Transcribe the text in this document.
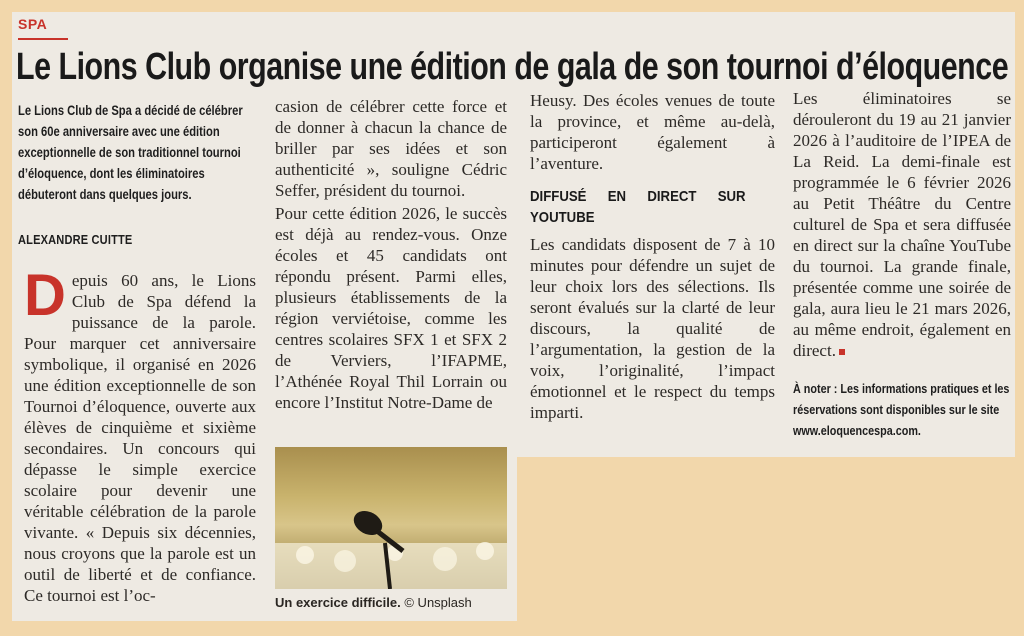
SPA
Le Lions Club organise une édition de gala de son tournoi d’éloquence
Le Lions Club de Spa a décidé de célébrer son 60e anniversaire avec une édition exceptionnelle de son traditionnel tournoi d’éloquence, dont les éliminatoires débuteront dans quelques jours.
ALEXANDRE CUITTE
D epuis 60 ans, le Lions Club de Spa défend la puissance de la parole. Pour marquer cet anniversaire symbolique, il organisé en 2026 une édition exceptionnelle de son Tournoi d’éloquence, ouverte aux élèves de cinquième et sixième secondaires. Un concours qui dépasse le simple exercice scolaire pour devenir une véritable célébration de la parole vivante. « Depuis six décennies, nous croyons que la parole est un outil de liberté et de confiance. Ce tournoi est l’oc-

casion de célébrer cette force et de donner à chacun la chance de briller par ses idées et son authenticité », souligne Cédric Seffer, président du tournoi.

Pour cette édition 2026, le succès est déjà au rendez-vous. Onze écoles et 45 candidats ont répondu présent. Parmi elles, plusieurs établissements de la région verviétoise, comme les centres scolaires SFX 1 et SFX 2 de Verviers, l’IFAPME, l’Athénée Royal Thil Lorrain ou encore l’Institut Notre-Dame de

Heusy. Des écoles venues de toute la province, et même au-delà, participeront également à l’aventure.

DIFFUSÉ EN DIRECT SUR YOUTUBE

Les candidats disposent de 7 à 10 minutes pour défendre un sujet de leur choix lors des sélections. Ils seront évalués sur la clarté de leur discours, la qualité de l’argumentation, la gestion de la voix, l’originalité, l’impact émotionnel et le respect du temps imparti.

Les éliminatoires se dérouleront du 19 au 21 janvier 2026 à l’auditoire de l’IPEA de La Reid. La demi-finale est programmée le 6 février 2026 au Petit Théâtre du Centre culturel de Spa et sera diffusée en direct sur la chaîne YouTube du tournoi. La grande finale, présentée comme une soirée de gala, aura lieu le 21 mars 2026, au même endroit, également en direct.

À noter : Les informations pratiques et les réservations sont disponibles sur le site www.eloquencespa.com.
Un exercice difficile. © Unsplash
